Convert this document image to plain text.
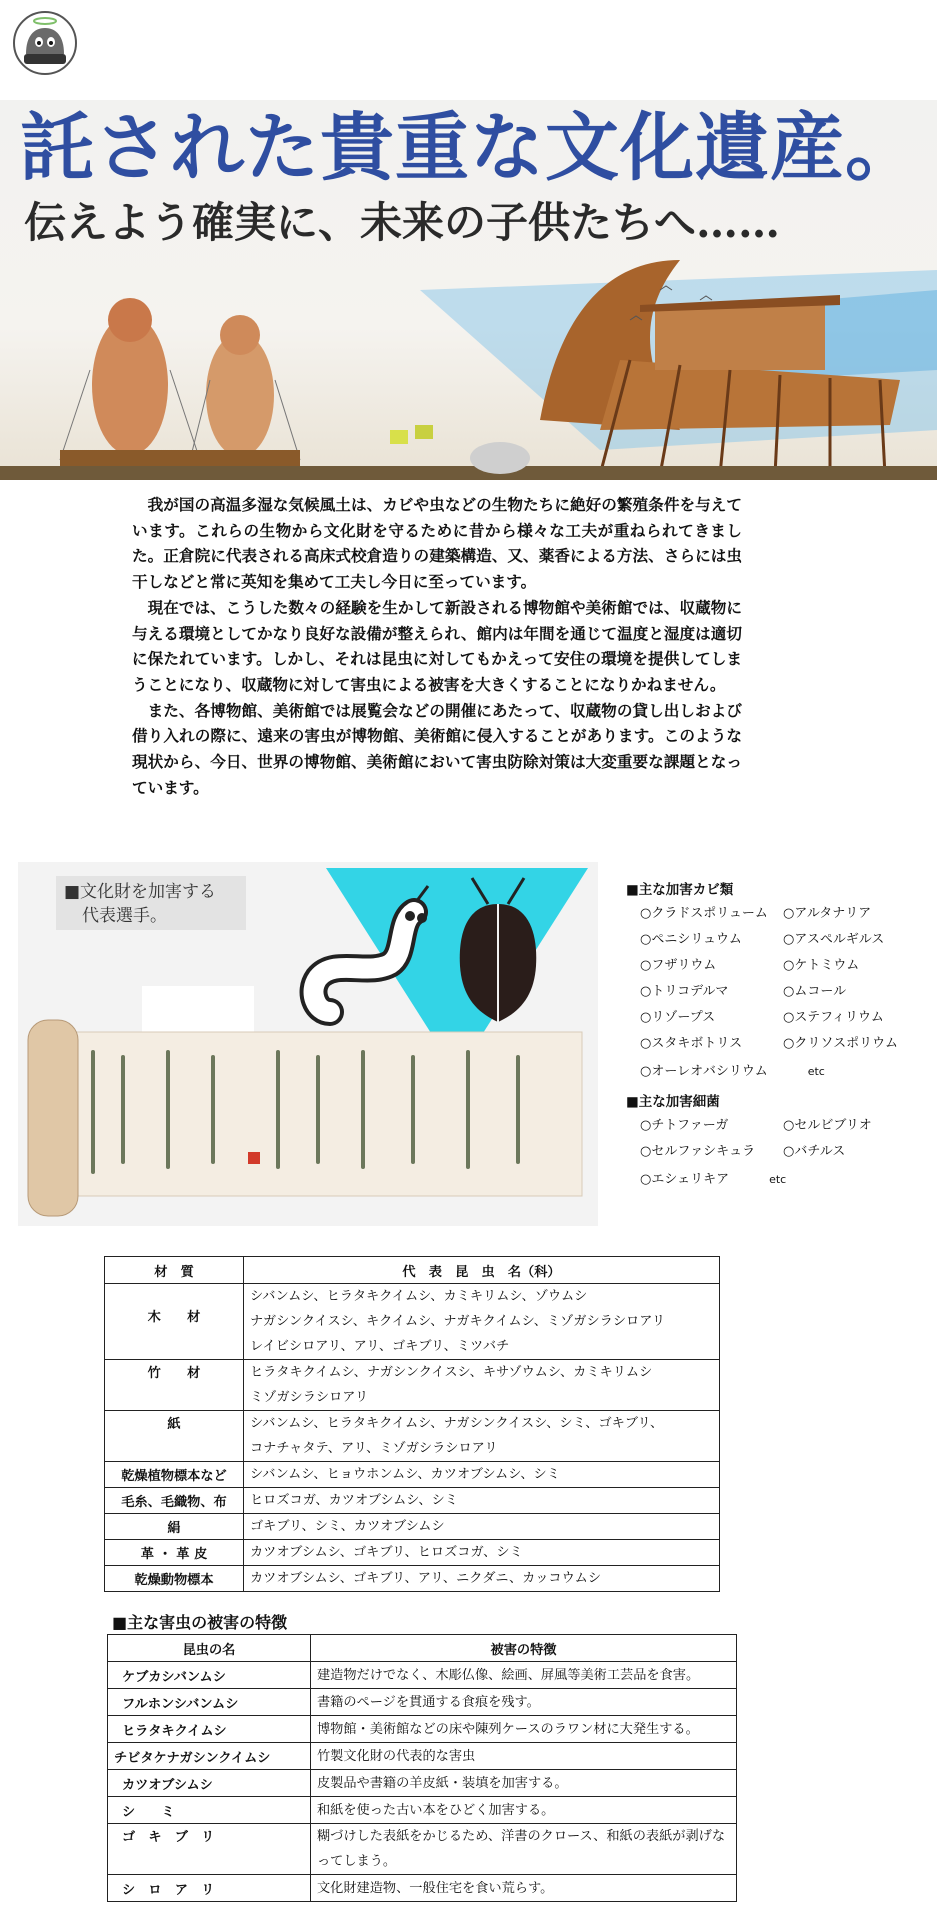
託された貴重な文化遺産。
伝えよう確実に、未来の子供たちへ……

我が国の高温多湿な気候風土は、カビや虫などの生物たちに絶好の繁殖条件を与えています。これらの生物から文化財を守るために昔から様々な工夫が重ねられてきました。正倉院に代表される高床式校倉造りの建築構造、又、薬香による方法、さらには虫干しなどと常に英知を集めて工夫し今日に至っています。

現在では、こうした数々の経験を生かして新設される博物館や美術館では、収蔵物に与える環境としてかなり良好な設備が整えられ、館内は年間を通じて温度と湿度は適切に保たれています。しかし、それは昆虫に対してもかえって安住の環境を提供してしまうことになり、収蔵物に対して害虫による被害を大きくすることになりかねません。

また、各博物館、美術館では展覧会などの開催にあたって、収蔵物の貸し出しおよび借り入れの際に、遠来の害虫が博物館、美術館に侵入することがあります。このような現状から、今日、世界の博物館、美術館において害虫防除対策は大変重要な課題となっています。

■文化財を加害する
代表選手。
■主な加害カビ類
○クラドスポリューム	○アルタナリア
○ペニシリュウム	○アスペルギルス
○フザリウム	○ケトミウム
○トリコデルマ	○ムコール
○リゾープス	○ステフィリウム
○スタキボトリス	○クリソスポリウム
○オーレオバシリウム	etc
■主な加害細菌
○チトファーガ	○セルビブリオ
○セルファシキュラ	○バチルス
○エシェリキア	etc
材　質	代　表　昆　虫　名（科）
木　　材	シバンムシ、ヒラタキクイムシ、カミキリムシ、ゾウムシ
ナガシンクイスシ、キクイムシ、ナガキクイムシ、ミゾガシラシロアリ
レイビシロアリ、アリ、ゴキブリ、ミツバチ

竹　　材	ヒラタキクイムシ、ナガシンクイスシ、キサゾウムシ、カミキリムシ
ミゾガシラシロアリ

紙	シバンムシ、ヒラタキクイムシ、ナガシンクイスシ、シミ、ゴキブリ、
コナチャタテ、アリ、ミゾガシラシロアリ

乾燥植物標本など	シバンムシ、ヒョウホンムシ、カツオブシムシ、シミ

毛糸、毛織物、布	ヒロズコガ、カツオブシムシ、シミ

絹	ゴキブリ、シミ、カツオブシムシ

革 ・ 革 皮	カツオブシムシ、ゴキブリ、ヒロズコガ、シミ

乾燥動物標本	カツオブシムシ、ゴキブリ、アリ、ニクダニ、カッコウムシ
■主な害虫の被害の特徴
昆虫の名	被害の特徴
ケブカシバンムシ	建造物だけでなく、木彫仏像、絵画、屏風等美術工芸品を食害。
フルホンシバンムシ	書籍のページを貫通する食痕を残す。
ヒラタキクイムシ	博物館・美術館などの床や陳列ケースのラワン材に大発生する。
チビタケナガシンクイムシ	竹製文化財の代表的な害虫
カツオブシムシ	皮製品や書籍の羊皮紙・装填を加害する。
シ　　ミ	和紙を使った古い本をひどく加害する。
ゴ　キ　ブ　リ	糊づけした表紙をかじるため、洋書のクロース、和紙の表紙が剥げなってしまう。
シ　ロ　ア　リ	文化財建造物、一般住宅を食い荒らす。
